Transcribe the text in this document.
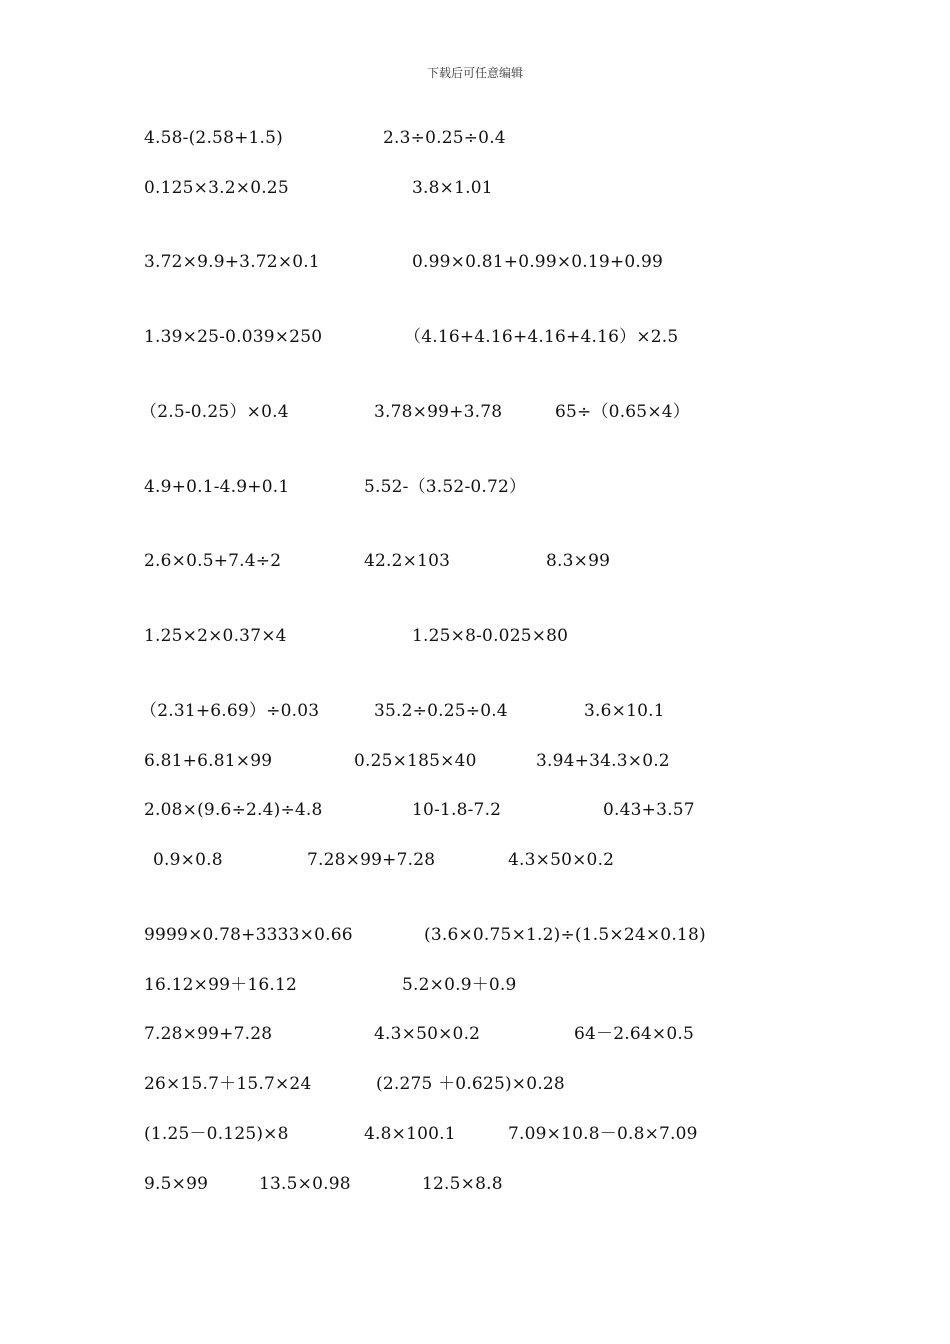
下载后可任意编辑
4.58-(2.58+1.5)	2.3÷0.25÷0.4
0.125×3.2×0.25	3.8×1.01
3.72×9.9+3.72×0.1	0.99×0.81+0.99×0.19+0.99
1.39×25-0.039×250	（4.16+4.16+4.16+4.16）×2.5
（2.5-0.25）×0.4	3.78×99+3.78	65÷（0.65×4）
4.9+0.1-4.9+0.1	5.52-（3.52-0.72）
2.6×0.5+7.4÷2	42.2×103	8.3×99
1.25×2×0.37×4	1.25×8-0.025×80
（2.31+6.69）÷0.03	35.2÷0.25÷0.4	3.6×10.1
6.81+6.81×99	0.25×185×40	3.94+34.3×0.2
2.08×(9.6÷2.4)÷4.8	10-1.8-7.2	0.43+3.57
0.9×0.8	7.28×99+7.28	4.3×50×0.2
9999×0.78+3333×0.66	(3.6×0.75×1.2)÷(1.5×24×0.18)
16.12×99＋16.12	5.2×0.9＋0.9
7.28×99+7.28	4.3×50×0.2	64－2.64×0.5
26×15.7＋15.7×24	(2.275 ＋0.625)×0.28
(1.25－0.125)×8	4.8×100.1	7.09×10.8－0.8×7.09
9.5×99	13.5×0.98	12.5×8.8
